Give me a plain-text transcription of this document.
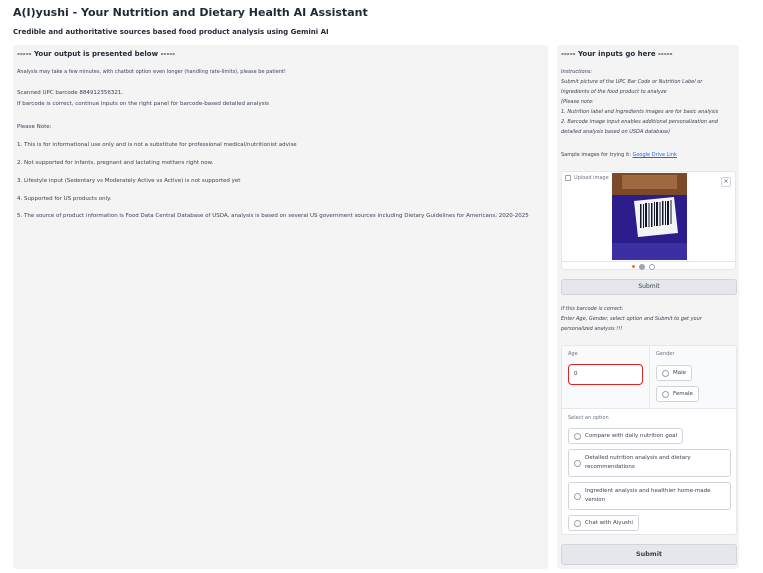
A(I)yushi - Your Nutrition and Dietary Health AI Assistant
Credible and authoritative sources based food product analysis using Gemini AI
----- Your output is presented below -----
Analysis may take a few minutes, with chatbot option even longer (handling rate-limits), please be patient!
Scanned UPC barcode 884912356321.
If barcode is correct, continue inputs on the right panel for barcode-based detailed analysis
Please Note:
1. This is for informational use only and is not a substitute for professional medical/nutritionist advise
2. Not supported for infants, pregnant and lactating mothers right now.
3. Lifestyle input (Sedentary vs Moderately Active vs Active) is not supported yet
4. Supported for US products only.
5. The source of product information is Food Data Central Database of USDA, analysis is based on several US government sources including Dietary Guidelines for Americans, 2020-2025
----- Your inputs go here -----
Instructions:
Submit picture of the UPC Bar Code or Nutrition Label or
Ingredients of the food product to analyze
(Please note:
1. Nutrition label and Ingredients images are for basic analysis
2. Barcode image input enables additional personalization and
detailed analysis based on USDA database)
Sample images for trying it: Google Drive Link
Upload image	×
Submit
If this barcode is correct:
Enter Age, Gender, select option and Submit to get your
personalized analysis !!!
Age
0
Gender
Male
Female
Select an option
Compare with daily nutrition goal
Detailed nutrition analysis and dietary recommendations
Ingredient analysis and healthier home-made version
Chat with Aiyushi
Submit
